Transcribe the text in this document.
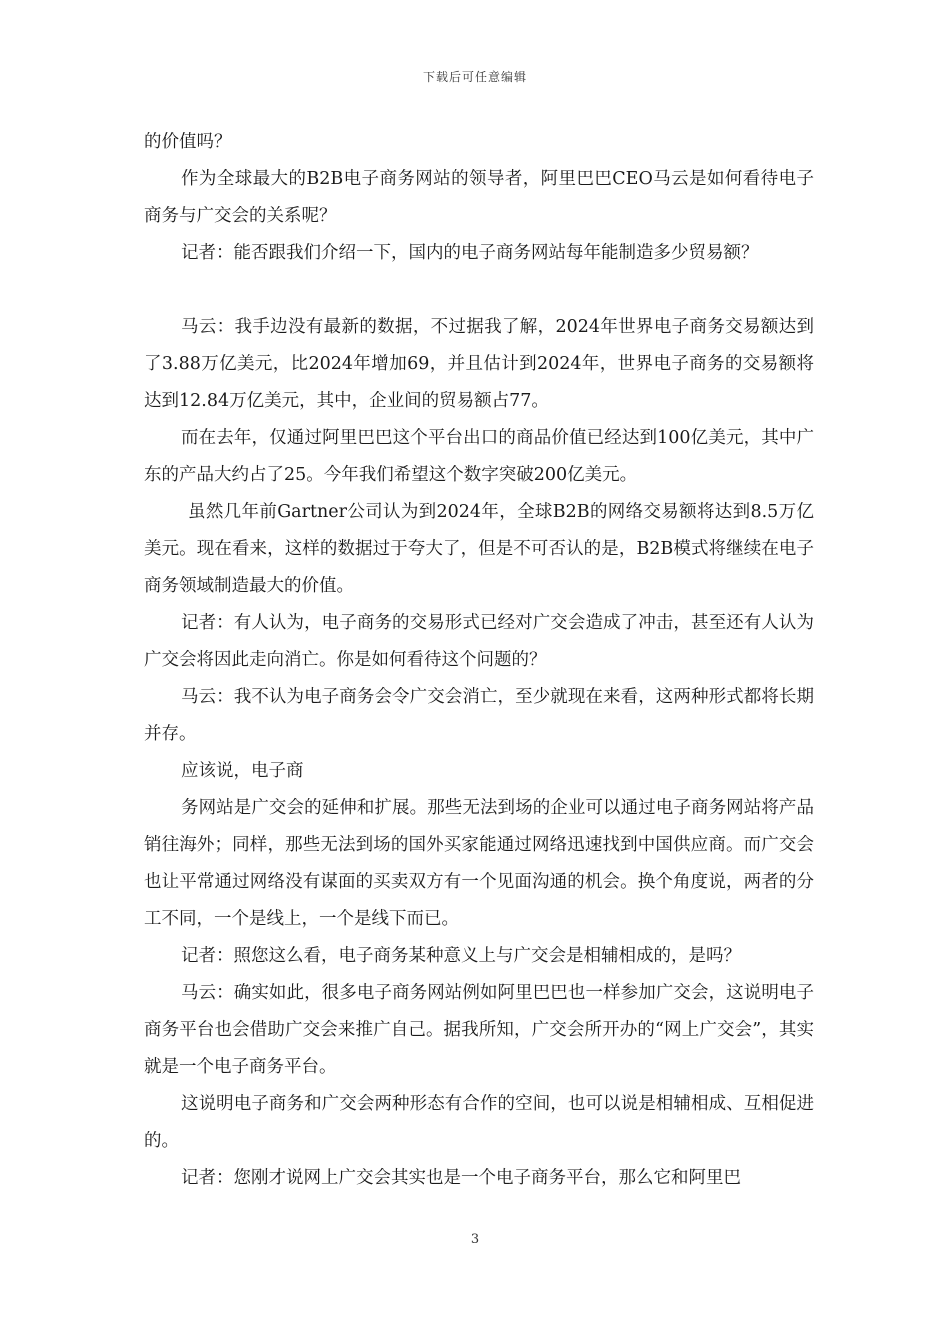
下载后可任意编辑

的价值吗？

作为全球最大的B2B电子商务网站的领导者，阿里巴巴CEO马云是如何看待电子商务与广交会的关系呢？

记者：能否跟我们介绍一下，国内的电子商务网站每年能制造多少贸易额？

马云：我手边没有最新的数据，不过据我了解，2024年世界电子商务交易额达到了3.88万亿美元，比2024年增加69，并且估计到2024年，世界电子商务的交易额将达到12.84万亿美元，其中，企业间的贸易额占77。

而在去年，仅通过阿里巴巴这个平台出口的商品价值已经达到100亿美元，其中广东的产品大约占了25。今年我们希望这个数字突破200亿美元。

虽然几年前Gartner公司认为到2024年，全球B2B的网络交易额将达到8.5万亿美元。现在看来，这样的数据过于夸大了，但是不可否认的是，B2B模式将继续在电子商务领域制造最大的价值。

记者：有人认为，电子商务的交易形式已经对广交会造成了冲击，甚至还有人认为广交会将因此走向消亡。你是如何看待这个问题的？

马云：我不认为电子商务会令广交会消亡，至少就现在来看，这两种形式都将长期并存。

应该说，电子商

务网站是广交会的延伸和扩展。那些无法到场的企业可以通过电子商务网站将产品销往海外；同样，那些无法到场的国外买家能通过网络迅速找到中国供应商。而广交会也让平常通过网络没有谋面的买卖双方有一个见面沟通的机会。换个角度说，两者的分工不同，一个是线上，一个是线下而已。

记者：照您这么看，电子商务某种意义上与广交会是相辅相成的，是吗？

马云：确实如此，很多电子商务网站例如阿里巴巴也一样参加广交会，这说明电子商务平台也会借助广交会来推广自己。据我所知，广交会所开办的“网上广交会”，其实就是一个电子商务平台。

这说明电子商务和广交会两种形态有合作的空间，也可以说是相辅相成、互相促进的。

记者：您刚才说网上广交会其实也是一个电子商务平台，那么它和阿里巴

3
